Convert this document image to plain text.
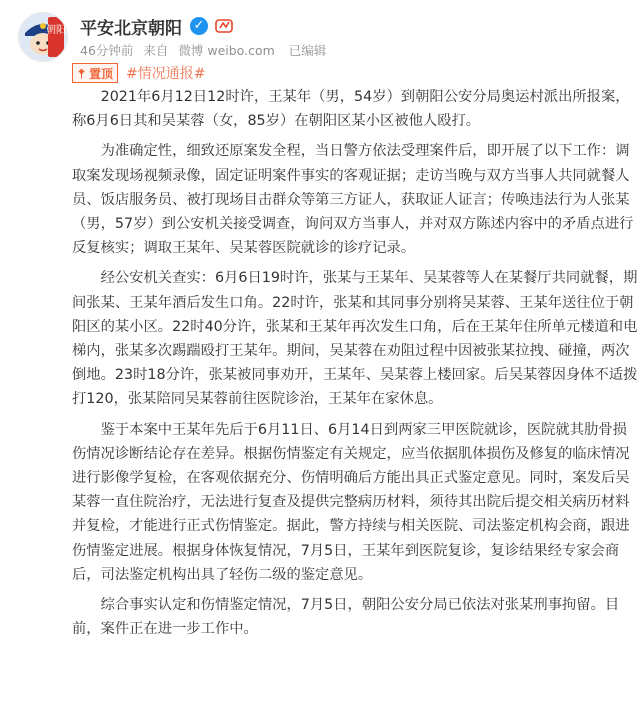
朝阳 平安北京朝阳 ✓
46分钟前 来自 微博 weibo.com 已编辑
置顶 #情况通报#

2021年6月12日12时许，王某年（男，54岁）到朝阳公安分局奥运村派出所报案，称6月6日其和吴某蓉（女，85岁）在朝阳区某小区被他人殴打。

为准确定性，细致还原案发全程，当日警方依法受理案件后，即开展了以下工作：调取案发现场视频录像，固定证明案件事实的客观证据；走访当晚与双方当事人共同就餐人员、饭店服务员、被打现场目击群众等第三方证人，获取证人证言；传唤违法行为人张某（男，57岁）到公安机关接受调查，询问双方当事人，并对双方陈述内容中的矛盾点进行反复核实；调取王某年、吴某蓉医院就诊的诊疗记录。

经公安机关查实：6月6日19时许，张某与王某年、吴某蓉等人在某餐厅共同就餐，期间张某、王某年酒后发生口角。22时许，张某和其同事分别将吴某蓉、王某年送往位于朝阳区的某小区。22时40分许，张某和王某年再次发生口角，后在王某年住所单元楼道和电梯内，张某多次踢踹殴打王某年。期间，吴某蓉在劝阻过程中因被张某拉拽、碰撞，两次倒地。23时18分许，张某被同事劝开，王某年、吴某蓉上楼回家。后吴某蓉因身体不适拨打120，张某陪同吴某蓉前往医院诊治，王某年在家休息。

鉴于本案中王某年先后于6月11日、6月14日到两家三甲医院就诊，医院就其肋骨损伤情况诊断结论存在差异。根据伤情鉴定有关规定，应当依据肌体损伤及修复的临床情况进行影像学复检，在客观依据充分、伤情明确后方能出具正式鉴定意见。同时，案发后吴某蓉一直住院治疗，无法进行复查及提供完整病历材料，须待其出院后提交相关病历材料并复检，才能进行正式伤情鉴定。据此，警方持续与相关医院、司法鉴定机构会商，跟进伤情鉴定进展。根据身体恢复情况，7月5日，王某年到医院复诊，复诊结果经专家会商后，司法鉴定机构出具了轻伤二级的鉴定意见。

综合事实认定和伤情鉴定情况，7月5日，朝阳公安分局已依法对张某刑事拘留。目前，案件正在进一步工作中。
